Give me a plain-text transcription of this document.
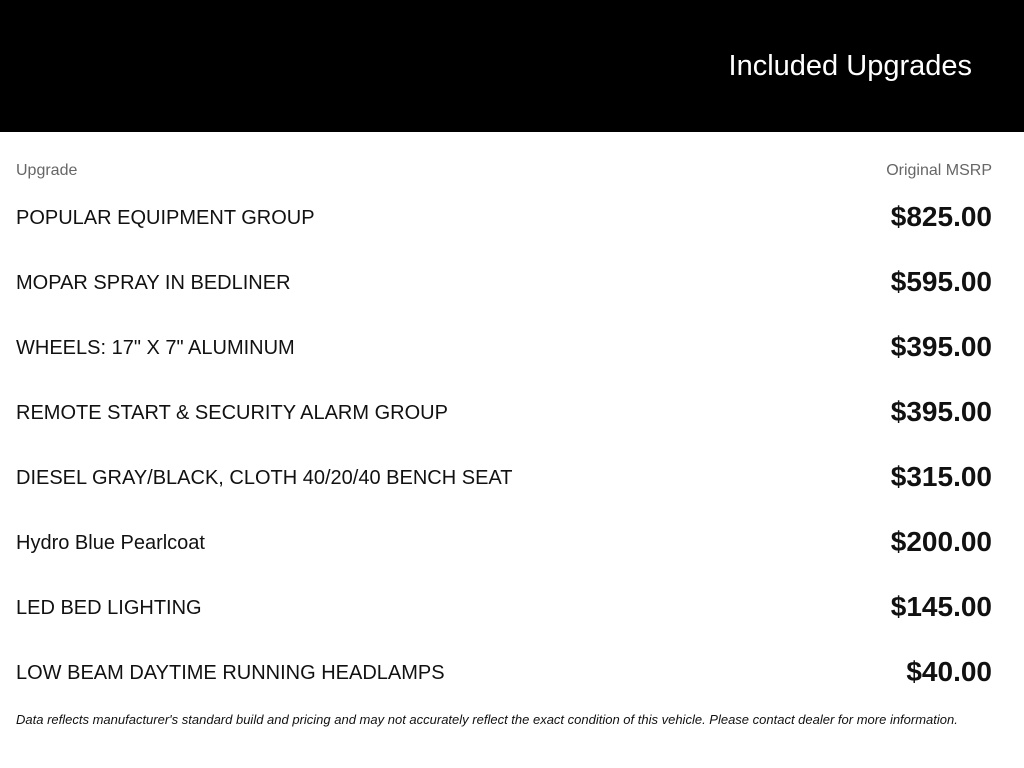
Included Upgrades
Upgrade	Original MSRP
POPULAR EQUIPMENT GROUP	$825.00
MOPAR SPRAY IN BEDLINER	$595.00
WHEELS: 17" X 7" ALUMINUM	$395.00
REMOTE START & SECURITY ALARM GROUP	$395.00
DIESEL GRAY/BLACK, CLOTH 40/20/40 BENCH SEAT	$315.00
Hydro Blue Pearlcoat	$200.00
LED BED LIGHTING	$145.00
LOW BEAM DAYTIME RUNNING HEADLAMPS	$40.00
Data reflects manufacturer's standard build and pricing and may not accurately reflect the exact condition of this vehicle. Please contact dealer for more information.
